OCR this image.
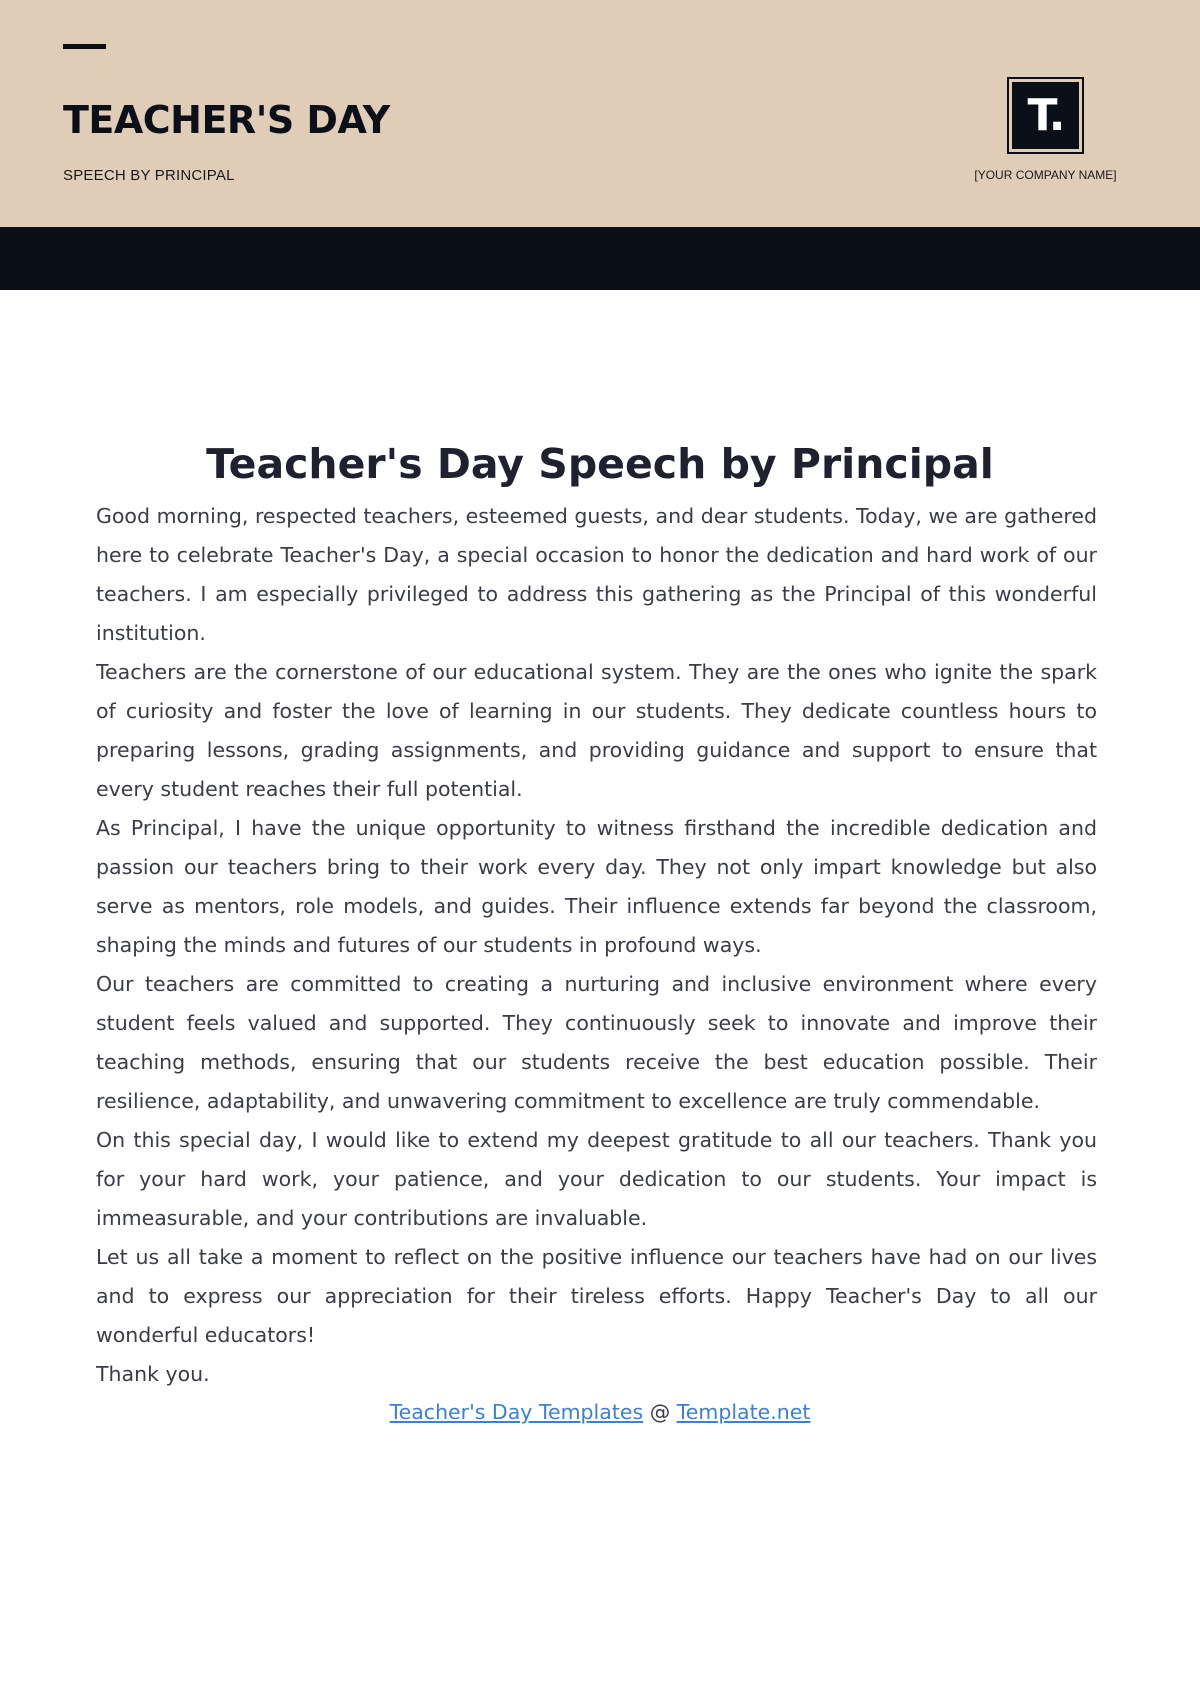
TEACHER'S DAY
SPEECH BY PRINCIPAL
T.
[YOUR COMPANY NAME]
Teacher's Day Speech by Principal

Good morning, respected teachers, esteemed guests, and dear students. Today, we are gathered here to celebrate Teacher's Day, a special occasion to honor the dedication and hard work of our teachers. I am especially privileged to address this gathering as the Principal of this wonderful institution.

Teachers are the cornerstone of our educational system. They are the ones who ignite the spark of curiosity and foster the love of learning in our students. They dedicate countless hours to preparing lessons, grading assignments, and providing guidance and support to ensure that every student reaches their full potential.

As Principal, I have the unique opportunity to witness firsthand the incredible dedication and passion our teachers bring to their work every day. They not only impart knowledge but also serve as mentors, role models, and guides. Their influence extends far beyond the classroom, shaping the minds and futures of our students in profound ways.

Our teachers are committed to creating a nurturing and inclusive environment where every student feels valued and supported. They continuously seek to innovate and improve their teaching methods, ensuring that our students receive the best education possible. Their resilience, adaptability, and unwavering commitment to excellence are truly commendable.

On this special day, I would like to extend my deepest gratitude to all our teachers. Thank you for your hard work, your patience, and your dedication to our students. Your impact is immeasurable, and your contributions are invaluable.

Let us all take a moment to reflect on the positive influence our teachers have had on our lives and to express our appreciation for their tireless efforts. Happy Teacher's Day to all our wonderful educators!

Thank you.

Teacher's Day Templates @ Template.net
